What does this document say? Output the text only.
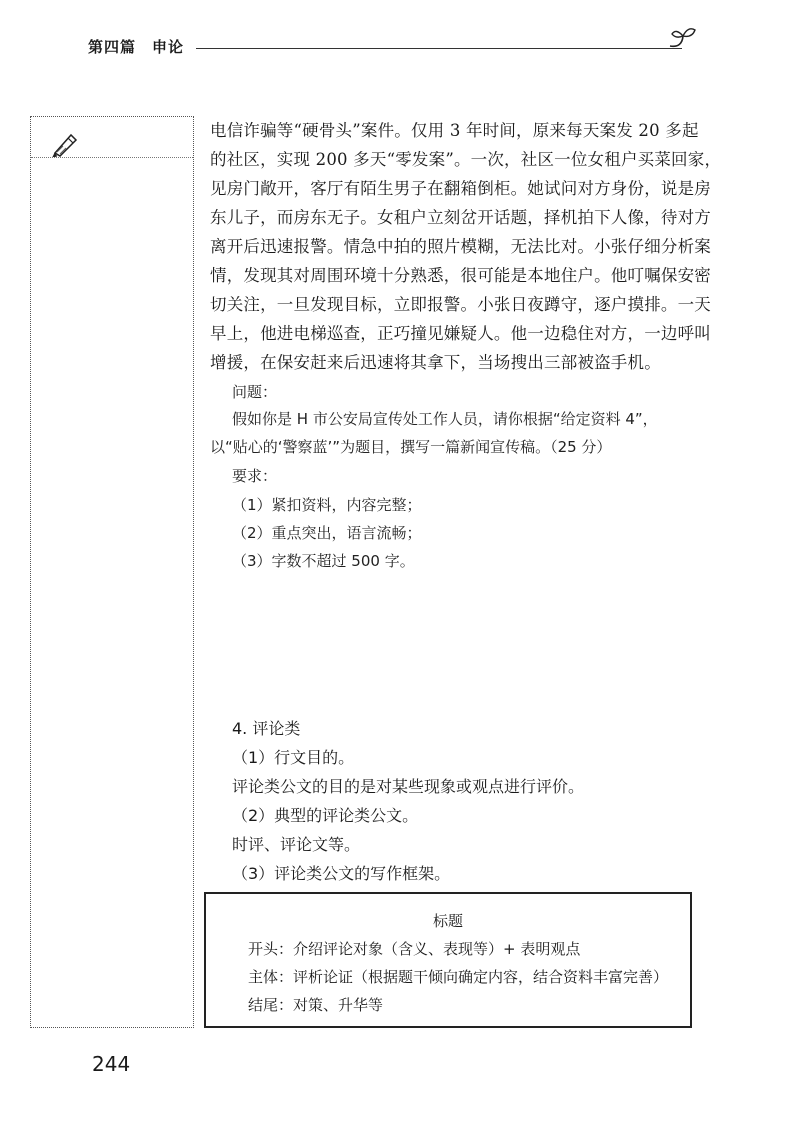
第四篇 申论
电信诈骗等“硬骨头”案件。仅用 3 年时间，原来每天案发 20 多起
的社区，实现 200 多天“零发案”。一次，社区一位女租户买菜回家，
见房门敞开，客厅有陌生男子在翻箱倒柜。她试问对方身份，说是房
东儿子，而房东无子。女租户立刻岔开话题，择机拍下人像，待对方
离开后迅速报警。情急中拍的照片模糊，无法比对。小张仔细分析案
情，发现其对周围环境十分熟悉，很可能是本地住户。他叮嘱保安密
切关注，一旦发现目标，立即报警。小张日夜蹲守，逐户摸排。一天
早上，他进电梯巡查，正巧撞见嫌疑人。他一边稳住对方，一边呼叫
增援，在保安赶来后迅速将其拿下，当场搜出三部被盗手机。
问题：
假如你是 H 市公安局宣传处工作人员，请你根据“给定资料 4”，
以“贴心的‘警察蓝’”为题目，撰写一篇新闻宣传稿。（25 分）
要求：
（1）紧扣资料，内容完整；
（2）重点突出，语言流畅；
（3）字数不超过 500 字。
4. 评论类
（1）行文目的。
评论类公文的目的是对某些现象或观点进行评价。
（2）典型的评论类公文。
时评、评论文等。
（3）评论类公文的写作框架。
标题
开头：介绍评论对象（含义、表现等）+ 表明观点
主体：评析论证（根据题干倾向确定内容，结合资料丰富完善）
结尾：对策、升华等
244
